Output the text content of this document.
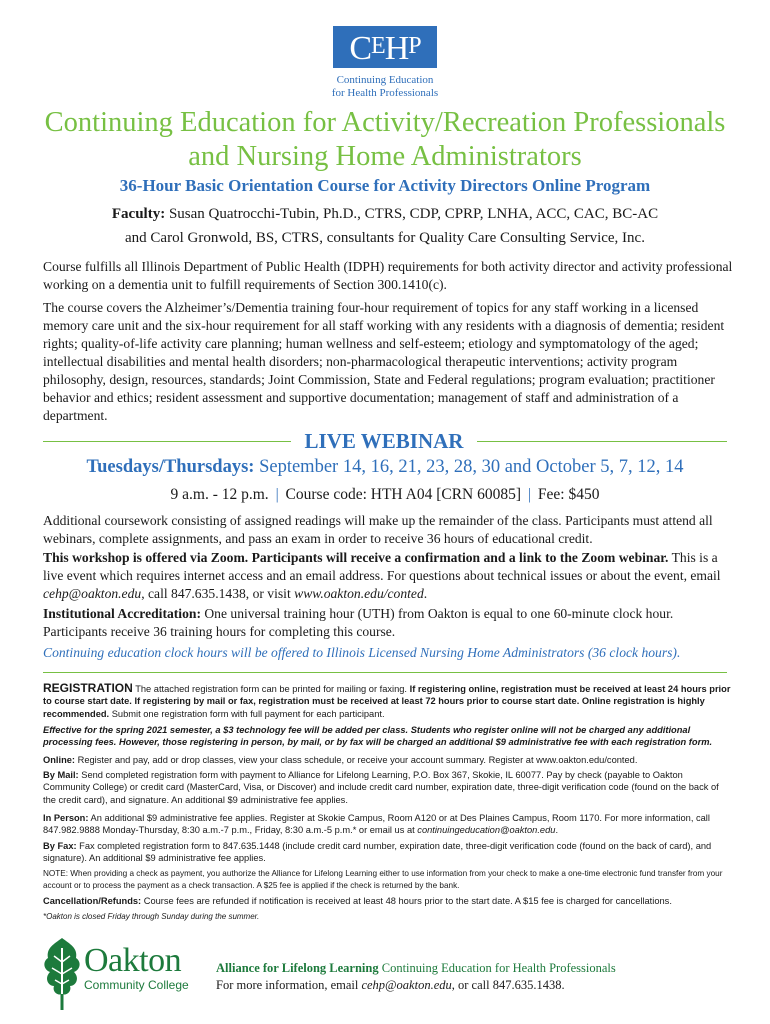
CEHP
Continuing Education
for Health Professionals
Continuing Education for Activity/Recreation Professionals
and Nursing Home Administrators
36-Hour Basic Orientation Course for Activity Directors Online Program
Faculty: Susan Quatrocchi-Tubin, Ph.D., CTRS, CDP, CPRP, LNHA, ACC, CAC, BC-AC
and Carol Gronwold, BS, CTRS, consultants for Quality Care Consulting Service, Inc.
Course fulfills all Illinois Department of Public Health (IDPH) requirements for both activity director and activity professional working on a dementia unit to fulfill requirements of Section 300.1410(c).
The course covers the Alzheimer’s/Dementia training four-hour requirement of topics for any staff working in a licensed memory care unit and the six-hour requirement for all staff working with any residents with a diagnosis of dementia; resident rights; quality-of-life activity care planning; human wellness and self-esteem; etiology and symptomatology of the aged; intellectual disabilities and mental health disorders; non-pharmacological therapeutic interventions; activity program philosophy, design, resources, standards; Joint Commission, State and Federal regulations; program evaluation; practitioner behavior and ethics; resident assessment and supportive documentation; management of staff and administration of a department.
LIVE WEBINAR
Tuesdays/Thursdays: September 14, 16, 21, 23, 28, 30 and October 5, 7, 12, 14
9 a.m. - 12 p.m. | Course code: HTH A04 [CRN 60085] | Fee: $450
Additional coursework consisting of assigned readings will make up the remainder of the class. Participants must attend all webinars, complete assignments, and pass an exam in order to receive 36 hours of educational credit.
This workshop is offered via Zoom. Participants will receive a confirmation and a link to the Zoom webinar. This is a live event which requires internet access and an email address. For questions about technical issues or about the event, email cehp@oakton.edu, call 847.635.1438, or visit www.oakton.edu/conted.
Institutional Accreditation: One universal training hour (UTH) from Oakton is equal to one 60-minute clock hour. Participants receive 36 training hours for completing this course.
Continuing education clock hours will be offered to Illinois Licensed Nursing Home Administrators (36 clock hours).
REGISTRATION The attached registration form can be printed for mailing or faxing. If registering online, registration must be received at least 24 hours prior to course start date. If registering by mail or fax, registration must be received at least 72 hours prior to course start date. Online registration is highly recommended. Submit one registration form with full payment for each participant.
Effective for the spring 2021 semester, a $3 technology fee will be added per class. Students who register online will not be charged any additional processing fees. However, those registering in person, by mail, or by fax will be charged an additional $9 administrative fee with each registration form.
Online: Register and pay, add or drop classes, view your class schedule, or receive your account summary. Register at www.oakton.edu/conted.
By Mail: Send completed registration form with payment to Alliance for Lifelong Learning, P.O. Box 367, Skokie, IL 60077. Pay by check (payable to Oakton Community College) or credit card (MasterCard, Visa, or Discover) and include credit card number, expiration date, three-digit verification code (found on the back of the credit card), and signature. An additional $9 administrative fee applies.
In Person: An additional $9 administrative fee applies. Register at Skokie Campus, Room A120 or at Des Plaines Campus, Room 1170. For more information, call 847.982.9888 Monday-Thursday, 8:30 a.m.-7 p.m., Friday, 8:30 a.m.-5 p.m.* or email us at continuingeducation@oakton.edu.
By Fax: Fax completed registration form to 847.635.1448 (include credit card number, expiration date, three-digit verification code (found on the back of card), and signature). An additional $9 administrative fee applies.
NOTE: When providing a check as payment, you authorize the Alliance for Lifelong Learning either to use information from your check to make a one-time electronic fund transfer from your account or to process the payment as a check transaction. A $25 fee is applied if the check is returned by the bank.
Cancellation/Refunds: Course fees are refunded if notification is received at least 48 hours prior to the start date. A $15 fee is charged for cancellations.
*Oakton is closed Friday through Sunday during the summer.
Oakton
Community College
Alliance for Lifelong Learning Continuing Education for Health Professionals
For more information, email cehp@oakton.edu, or call 847.635.1438.
